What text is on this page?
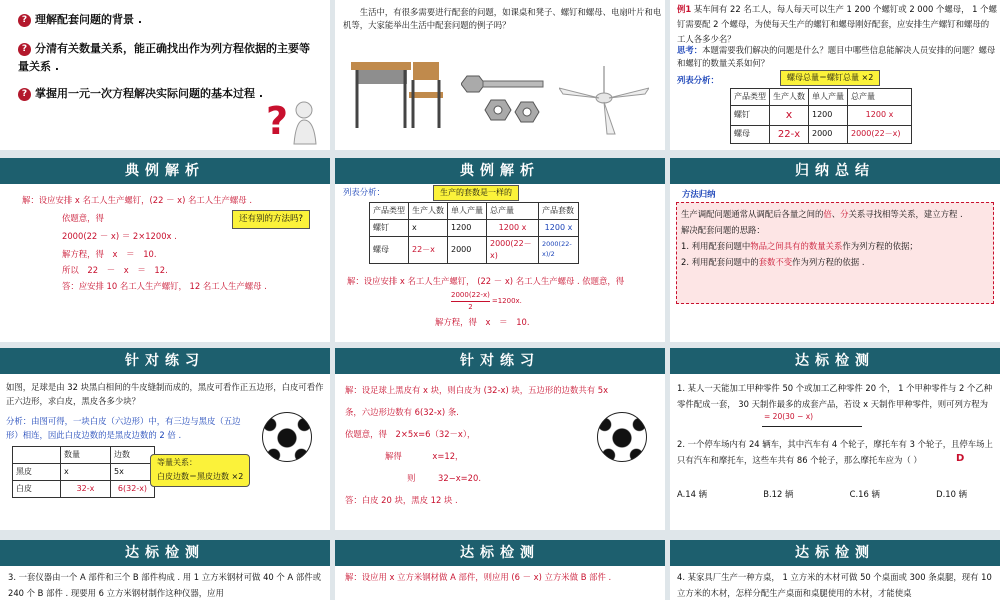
? 理解配套问题的背景 .
? 分清有关数量关系，能正确找出作为列方程依据的主要等量关系 .
? 掌握用一元一次方程解决实际问题的基本过程 .
?
生活中，有很多需要进行配套的问题，如课桌和凳子、螺钉和螺母、电扇叶片和电机等，大家能举出生活中配套问题的例子吗？
例1 某车间有 22 名工人，每人每天可以生产 1 200 个螺钉或 2 000 个螺母， 1 个螺钉需要配 2 个螺母，为使每天生产的螺钉和螺母刚好配套，应安排生产螺钉和螺母的工人各多少名？
思考：本题需要我们解决的问题是什么？题目中哪些信息能解决人员安排的问题？螺母和螺钉的数量关系如何？
列表分析：	螺母总量＝螺钉总量 ×2
产品类型	生产人数	单人产量	总产量
螺钉	x	1200	1200 x
螺母	22-x	2000	2000(22－x)
典例解析
解：设应安排 x 名工人生产螺钉，(22 － x) 名工人生产螺母 .
依题意，得
2000(22 － x) ＝ 2×1200x .
解方程，得 x ＝ 10.
所以 22 － x ＝ 12.
答：应安排 10 名工人生产螺钉， 12 名工人生产螺母 .
还有别的方法吗?
典例解析
列表分析：	生产的套数是一样的
产品类型	生产人数	单人产量	总产量	产品套数
螺钉	x	1200	1200 x	1200 x
螺母	22－x	2000	2000(22－x)	2000(22-x)/2
解：设应安排 x 名工人生产螺钉， (22 － x) 名工人生产螺母 . 依题意，得
$\frac{2000(22-x)}{2} =1200x$.
解方程，得 x ＝ 10.
归纳总结
方法归纳
生产调配问题通常从调配后各量之间的倍、分关系寻找相等关系，建立方程 .
解决配套问题的思路：
1. 利用配套问题中物品之间具有的数量关系作为列方程的依据；
2. 利用配套问题中的套数不变作为列方程的依据 .
针对练习
如图，足球是由 32 块黑白相间的牛皮缝制而成的，黑皮可看作正五边形，白皮可看作正六边形，求白皮，黑皮各多少块？
分析：由图可得，一块白皮（六边形）中，有三边与黑皮（五边形）相连，因此白皮边数的是黑皮边数的 2 倍 .
	数量	边数
黑皮	x	5x
白皮	32-x	6(32-x)
等量关系：
白皮边数＝黑皮边数 ×2
针对练习
解：设足球上黑皮有 x 块，则白皮为 (32-x) 块，五边形的边数共有 5x
条，六边形边数有 6(32-x) 条.
依题意，得 2×5x=6（32－x），
解得 x=12，
则 32−x=20.
答：白皮 20 块，黑皮 12 块 .
达标检测
1. 某人一天能加工甲种零件 50 个或加工乙种零件 20 个， 1 个甲种零件与 2 个乙种零件配成一套， 30 天制作最多的成套产品，若设 x 天制作甲种零件，则可列方程为
= 20(30 − x)
2. 一个停车场内有 24 辆车，其中汽车有 4 个轮子，摩托车有 3 个轮子，且停车场上只有汽车和摩托车，这些车共有 86 个轮子，那么摩托车应为（ ）	D
A.14 辆	B.12 辆	C.16 辆	D.10 辆
达标检测
3. 一套仪器由一个 A 部件和三个 B 部件构成 . 用 1 立方米钢材可做 40 个 A 部件或 240 个 B 部件 . 现要用 6 立方米钢材制作这种仪器，应用
达标检测
解：设应用 x 立方米钢材做 A 部件，则应用 (6 － x) 立方米做 B 部件 .
达标检测
4. 某家具厂生产一种方桌， 1 立方米的木材可做 50 个桌面或 300 条桌腿，现有 10 立方米的木材，怎样分配生产桌面和桌腿使用的木材，才能使桌
